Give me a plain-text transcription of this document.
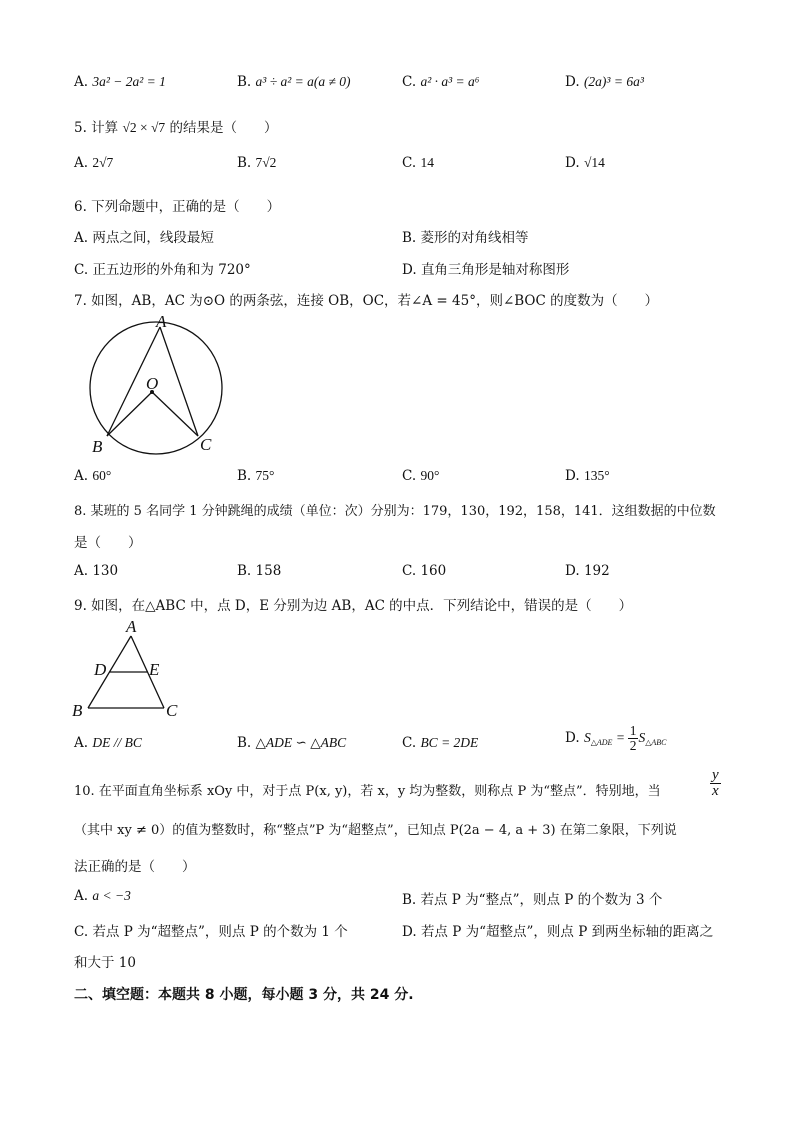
A. 3a² − 2a² = 1	B. a³ ÷ a² = a(a ≠ 0)	C. a² · a³ = a⁶	D. (2a)³ = 6a³
5. 计算 √2 × √7 的结果是（　　）
A. 2√7	B. 7√2	C. 14	D. √14
6. 下列命题中，正确的是（　　）
A. 两点之间，线段最短	B. 菱形的对角线相等
C. 正五边形的外角和为 720°	D. 直角三角形是轴对称图形
7. 如图，AB，AC 为⊙O 的两条弦，连接 OB，OC，若∠A = 45°，则∠BOC 的度数为（　　）
A
O
B	C
A. 60°	B. 75°	C. 90°	D. 135°
8. 某班的 5 名同学 1 分钟跳绳的成绩（单位：次）分别为：179，130，192，158，141．这组数据的中位数
是（　　）
A. 130	B. 158	C. 160	D. 192
9. 如图，在△ABC 中，点 D，E 分别为边 AB，AC 的中点．下列结论中，错误的是（　　）
A
D	E
B	C
A. DE // BC	B. △ADE ∽ △ABC	C. BC = 2DE	D. $S_{\triangle ADE} = \frac{1}{2} S_{\triangle ABC}$
10. 在平面直角坐标系 xOy 中，对于点 P(x, y)，若 x，y 均为整数，则称点 P 为“整点”．特别地，当	$\frac{y}{x}$
（其中 xy ≠ 0）的值为整数时，称“整点”P 为“超整点”，已知点 P(2a − 4, a + 3) 在第二象限，下列说
法正确的是（　　）
A. a < −3	B. 若点 P 为“整点”，则点 P 的个数为 3 个
C. 若点 P 为“超整点”，则点 P 的个数为 1 个	D. 若点 P 为“超整点”，则点 P 到两坐标轴的距离之
和大于 10
二、填空题：本题共 8 小题，每小题 3 分，共 24 分.
